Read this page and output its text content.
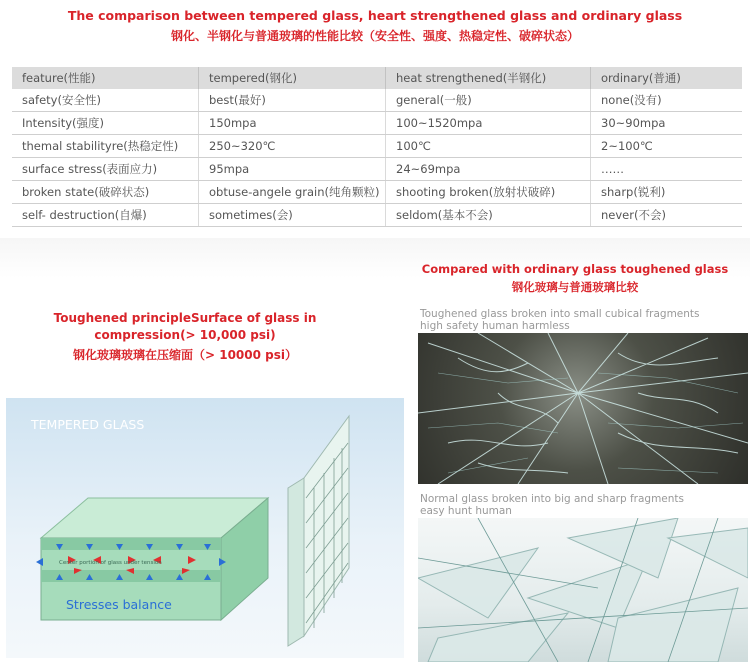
The comparison between tempered glass, heart strengthened glass and ordinary glass
钢化、半钢化与普通玻璃的性能比较（安全性、强度、热稳定性、破碎状态）
feature(性能)	tempered(钢化)	heat strengthened(半钢化)	ordinary(普通)
safety(安全性)	best(最好)	general(一般)	none(没有)
Intensity(强度)	150mpa	100~1520mpa	30~90mpa
themal stabilityre(热稳定性)	250~320℃	100℃	2~100℃
surface stress(表面应力)	95mpa	24~69mpa	……
broken state(破碎状态)	obtuse-angele grain(纯角颗粒)	shooting broken(放射状破碎)	sharp(锐利)
self- destruction(自爆)	sometimes(会)	seldom(基本不会)	never(不会)
Toughened principleSurface of glass in
compression(> 10,000 psi)
钢化玻璃玻璃在压缩面（> 10000 psi）
Center portion of glass under tension
TEMPERED GLASS
Stresses balance
Compared with ordinary glass toughened glass
钢化玻璃与普通玻璃比较
Toughened glass broken into small cubical fragments
high safety human harmless
Normal glass broken into big and sharp fragments
easy hunt human
